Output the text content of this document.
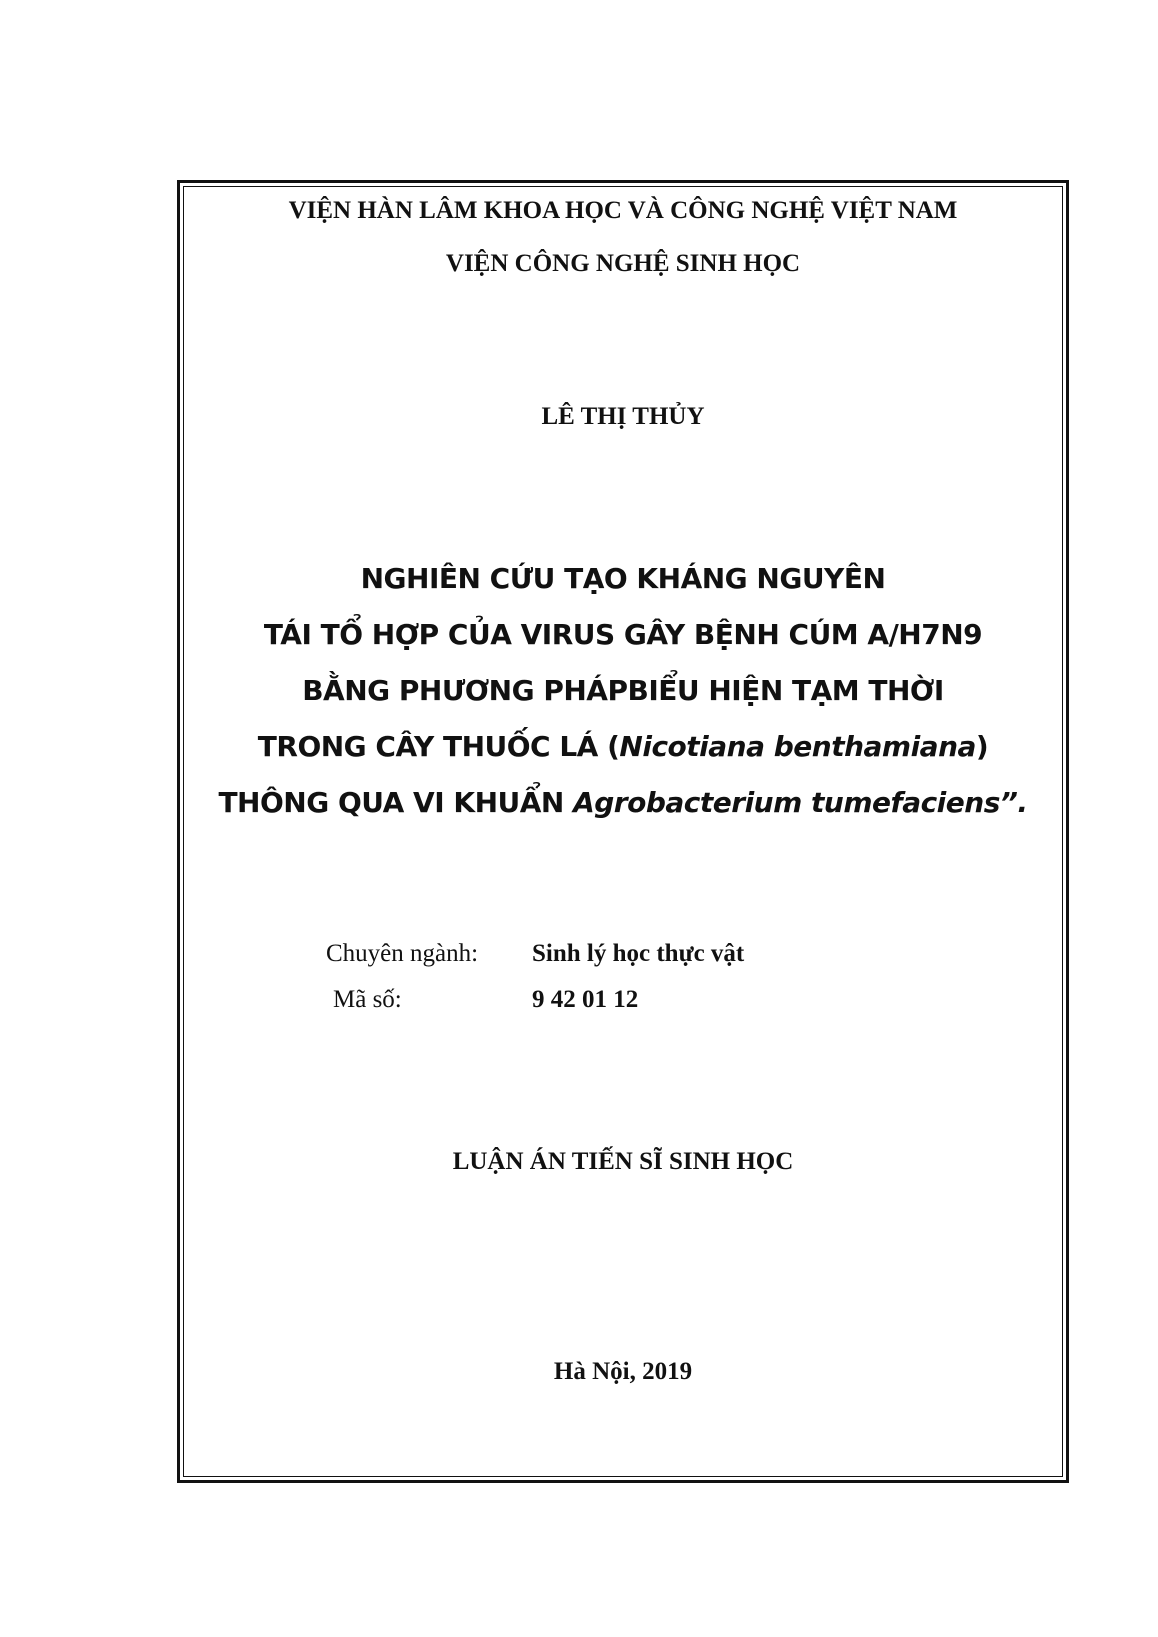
VIỆN HÀN LÂM KHOA HỌC VÀ CÔNG NGHỆ VIỆT NAM
VIỆN CÔNG NGHỆ SINH HỌC
LÊ THỊ THỦY
NGHIÊN CỨU TẠO KHÁNG NGUYÊN
TÁI TỔ HỢP CỦA VIRUS GÂY BỆNH CÚM A/H7N9
BẰNG PHƯƠNG PHÁPBIỂU HIỆN TẠM THỜI
TRONG CÂY THUỐC LÁ (Nicotiana benthamiana)
THÔNG QUA VI KHUẨN Agrobacterium tumefaciens”.
Chuyên ngành: Sinh lý học thực vật
Mã số:	9 42 01 12
LUẬN ÁN TIẾN SĨ SINH HỌC
Hà Nội, 2019
